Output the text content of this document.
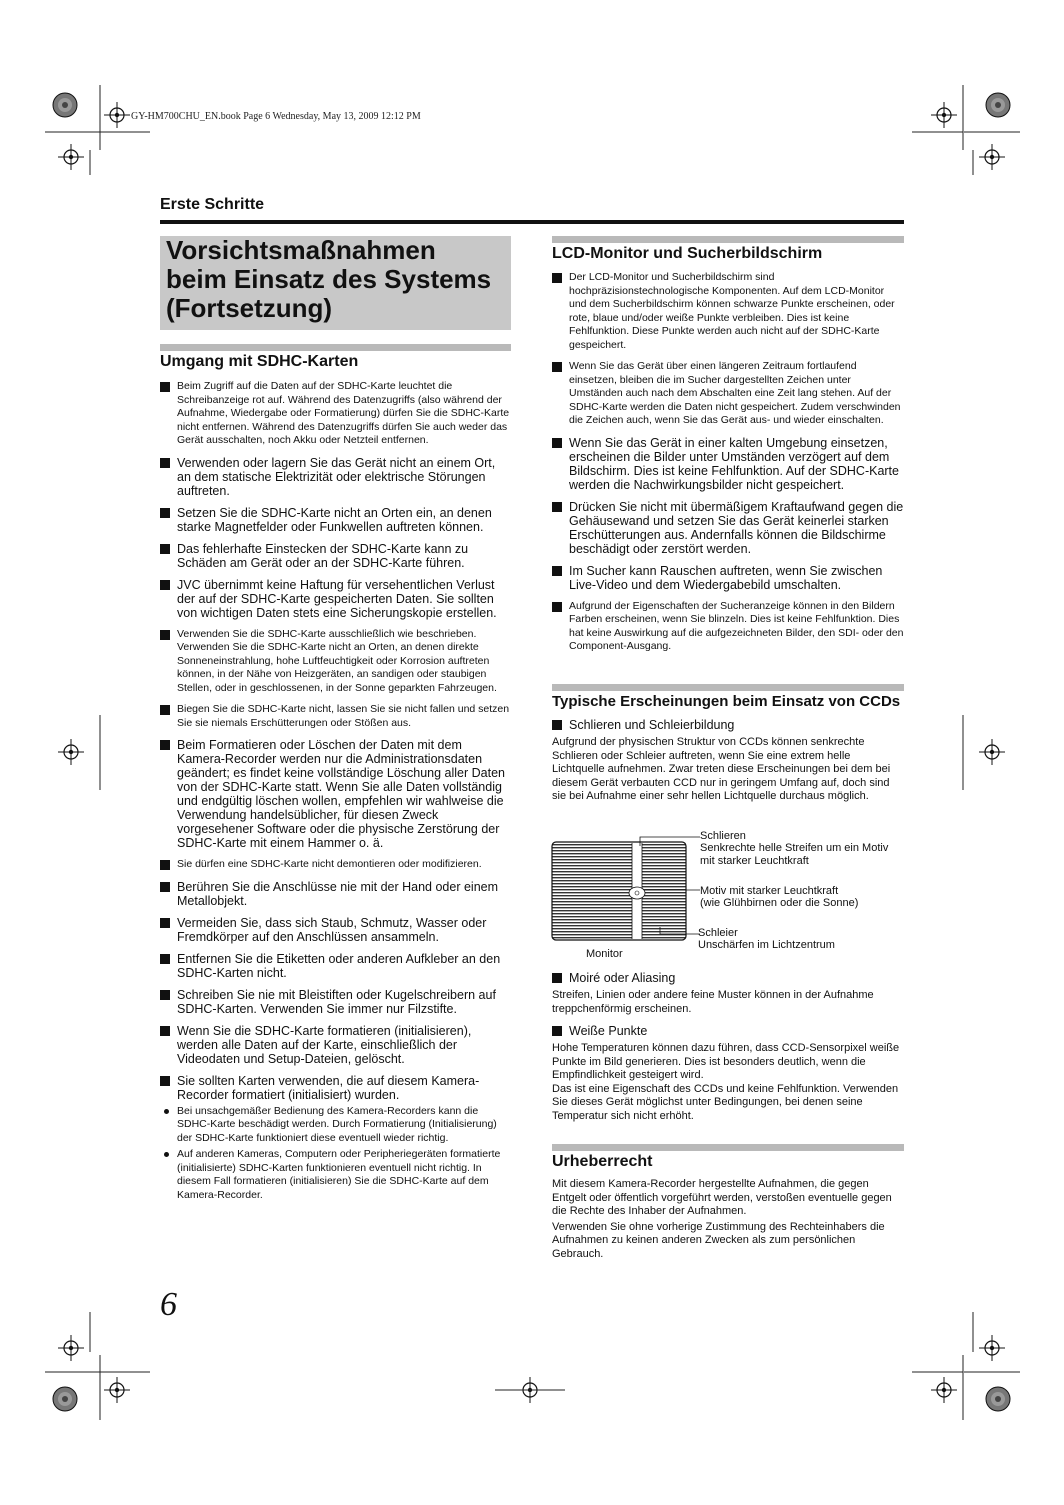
GY-HM700CHU_EN.book Page 6 Wednesday, May 13, 2009 12:12 PM
Erste Schritte
Vorsichtsmaßnahmen
beim Einsatz des Systems
(Fortsetzung)
Umgang mit SDHC-Karten
Beim Zugriff auf die Daten auf der SDHC-Karte leuchtet die Schreibanzeige rot auf. Während des Datenzugriffs (also während der Aufnahme, Wiedergabe oder Formatierung) dürfen Sie die SDHC-Karte nicht entfernen. Während des Datenzugriffs dürfen Sie auch weder das Gerät ausschalten, noch Akku oder Netzteil entfernen.
Verwenden oder lagern Sie das Gerät nicht an einem Ort, an dem statische Elektrizität oder elektrische Störungen auftreten.
Setzen Sie die SDHC-Karte nicht an Orten ein, an denen starke Magnetfelder oder Funkwellen auftreten können.
Das fehlerhafte Einstecken der SDHC-Karte kann zu Schäden am Gerät oder an der SDHC-Karte führen.
JVC übernimmt keine Haftung für versehentlichen Verlust der auf der SDHC-Karte gespeicherten Daten. Sie sollten von wichtigen Daten stets eine Sicherungskopie erstellen.
Verwenden Sie die SDHC-Karte ausschließlich wie beschrieben. Verwenden Sie die SDHC-Karte nicht an Orten, an denen direkte Sonneneinstrahlung, hohe Luftfeuchtigkeit oder Korrosion auftreten können, in der Nähe von Heizgeräten, an sandigen oder staubigen Stellen, oder in geschlossenen, in der Sonne geparkten Fahrzeugen.
Biegen Sie die SDHC-Karte nicht, lassen Sie sie nicht fallen und setzen Sie sie niemals Erschütterungen oder Stößen aus.
Beim Formatieren oder Löschen der Daten mit dem Kamera-Recorder werden nur die Administrationsdaten geändert; es findet keine vollständige Löschung aller Daten von der SDHC-Karte statt. Wenn Sie alle Daten vollständig und endgültig löschen wollen, empfehlen wir wahlweise die Verwendung handelsüblicher, für diesen Zweck vorgesehener Software oder die physische Zerstörung der SDHC-Karte mit einem Hammer o. ä.
Sie dürfen eine SDHC-Karte nicht demontieren oder modifizieren.
Berühren Sie die Anschlüsse nie mit der Hand oder einem Metallobjekt.
Vermeiden Sie, dass sich Staub, Schmutz, Wasser oder Fremdkörper auf den Anschlüssen ansammeln.
Entfernen Sie die Etiketten oder anderen Aufkleber an den SDHC-Karten nicht.
Schreiben Sie nie mit Bleistiften oder Kugelschreibern auf SDHC-Karten. Verwenden Sie immer nur Filzstifte.
Wenn Sie die SDHC-Karte formatieren (initialisieren), werden alle Daten auf der Karte, einschließlich der Videodaten und Setup-Dateien, gelöscht.
Sie sollten Karten verwenden, die auf diesem Kamera-Recorder formatiert (initialisiert) wurden.
Bei unsachgemäßer Bedienung des Kamera-Recorders kann die SDHC-Karte beschädigt werden. Durch Formatierung (Initialisierung) der SDHC-Karte funktioniert diese eventuell wieder richtig.
Auf anderen Kameras, Computern oder Peripheriegeräten formatierte (initialisierte) SDHC-Karten funktionieren eventuell nicht richtig. In diesem Fall formatieren (initialisieren) Sie die SDHC-Karte auf dem Kamera-Recorder.
LCD-Monitor und Sucherbildschirm
Der LCD-Monitor und Sucherbildschirm sind hochpräzisionstechnologische Komponenten. Auf dem LCD-Monitor und dem Sucherbildschirm können schwarze Punkte erscheinen, oder rote, blaue und/oder weiße Punkte verbleiben. Dies ist keine Fehlfunktion. Diese Punkte werden auch nicht auf der SDHC-Karte gespeichert.
Wenn Sie das Gerät über einen längeren Zeitraum fortlaufend einsetzen, bleiben die im Sucher dargestellten Zeichen unter Umständen auch nach dem Abschalten eine Zeit lang stehen. Auf der SDHC-Karte werden die Daten nicht gespeichert. Zudem verschwinden die Zeichen auch, wenn Sie das Gerät aus- und wieder einschalten.
Wenn Sie das Gerät in einer kalten Umgebung einsetzen, erscheinen die Bilder unter Umständen verzögert auf dem Bildschirm. Dies ist keine Fehlfunktion. Auf der SDHC-Karte werden die Nachwirkungsbilder nicht gespeichert.
Drücken Sie nicht mit übermäßigem Kraftaufwand gegen die Gehäusewand und setzen Sie das Gerät keinerlei starken Erschütterungen aus. Andernfalls können die Bildschirme beschädigt oder zerstört werden.
Im Sucher kann Rauschen auftreten, wenn Sie zwischen Live-Video und dem Wiedergabebild umschalten.
Aufgrund der Eigenschaften der Sucheranzeige können in den Bildern Farben erscheinen, wenn Sie blinzeln. Dies ist keine Fehlfunktion. Dies hat keine Auswirkung auf die aufgezeichneten Bilder, den SDI- oder den Component-Ausgang.
Typische Erscheinungen beim Einsatz von CCDs
Schlieren und Schleierbildung

Aufgrund der physischen Struktur von CCDs können senkrechte Schlieren oder Schleier auftreten, wenn Sie eine extrem helle Lichtquelle aufnehmen. Zwar treten diese Erscheinungen bei dem bei diesem Gerät verbauten CCD nur in geringem Umfang auf, doch sind sie bei Aufnahme einer sehr hellen Lichtquelle durchaus möglich.

Schlieren
Senkrechte helle Streifen um ein Motiv mit starker Leuchtkraft
Motiv mit starker Leuchtkraft
(wie Glühbirnen oder die Sonne)
Schleier
Unschärfen im Lichtzentrum
Monitor
Moiré oder Aliasing

Streifen, Linien oder andere feine Muster können in der Aufnahme treppchenförmig erscheinen.

Weiße Punkte

Hohe Temperaturen können dazu führen, dass CCD-Sensorpixel weiße Punkte im Bild generieren. Dies ist besonders deutlich, wenn die Empfindlichkeit gesteigert wird.

Das ist eine Eigenschaft des CCDs und keine Fehlfunktion. Verwenden Sie dieses Gerät möglichst unter Bedingungen, bei denen seine Temperatur sich nicht erhöht.

Urheberrecht

Mit diesem Kamera-Recorder hergestellte Aufnahmen, die gegen Entgelt oder öffentlich vorgeführt werden, verstoßen eventuelle gegen die Rechte des Inhaber der Aufnahmen.

Verwenden Sie ohne vorherige Zustimmung des Rechteinhabers die Aufnahmen zu keinen anderen Zwecken als zum persönlichen Gebrauch.

6
